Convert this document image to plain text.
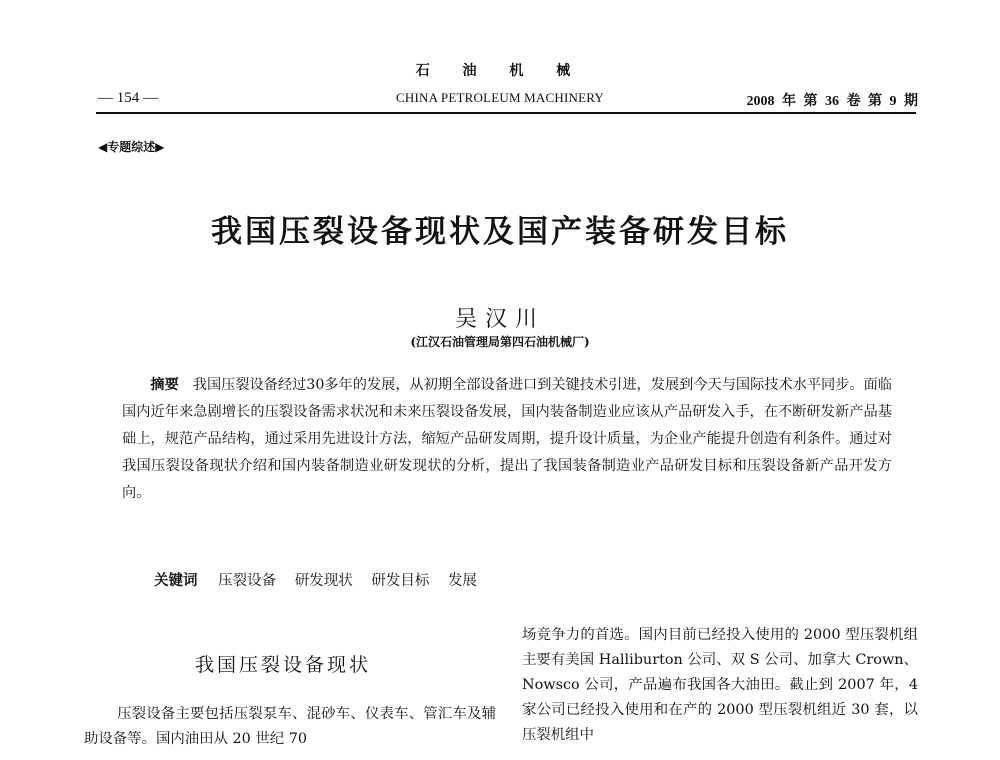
石 油 机 械
— 154 —	CHINA PETROLEUM MACHINERY	2008 年 第 36 卷 第 9 期
◀专题综述▶
我国压裂设备现状及国产装备研发目标
吴汉川
(江汉石油管理局第四石油机械厂)

摘要 我国压裂设备经过30多年的发展，从初期全部设备进口到关键技术引进，发展到今天与国际技术水平同步。面临国内近年来急剧增长的压裂设备需求状况和未来压裂设备发展，国内装备制造业应该从产品研发入手，在不断研发新产品基础上，规范产品结构，通过采用先进设计方法，缩短产品研发周期，提升设计质量，为企业产能提升创造有利条件。通过对我国压裂设备现状介绍和国内装备制造业研发现状的分析，提出了我国装备制造业产品研发目标和压裂设备新产品开发方向。

关键词 压裂设备 研发现状 研发目标 发展
我国压裂设备现状

压裂设备主要包括压裂泵车、混砂车、仪表车、管汇车及辅助设备等。国内油田从 20 世纪 70

场竞争力的首选。国内目前已经投入使用的 2000 型压裂机组主要有美国 Halliburton 公司、双 S 公司、加拿大 Crown、Nowsco 公司，产品遍布我国各大油田。截止到 2007 年，4 家公司已经投入使用和在产的 2000 型压裂机组近 30 套，以压裂机组中
